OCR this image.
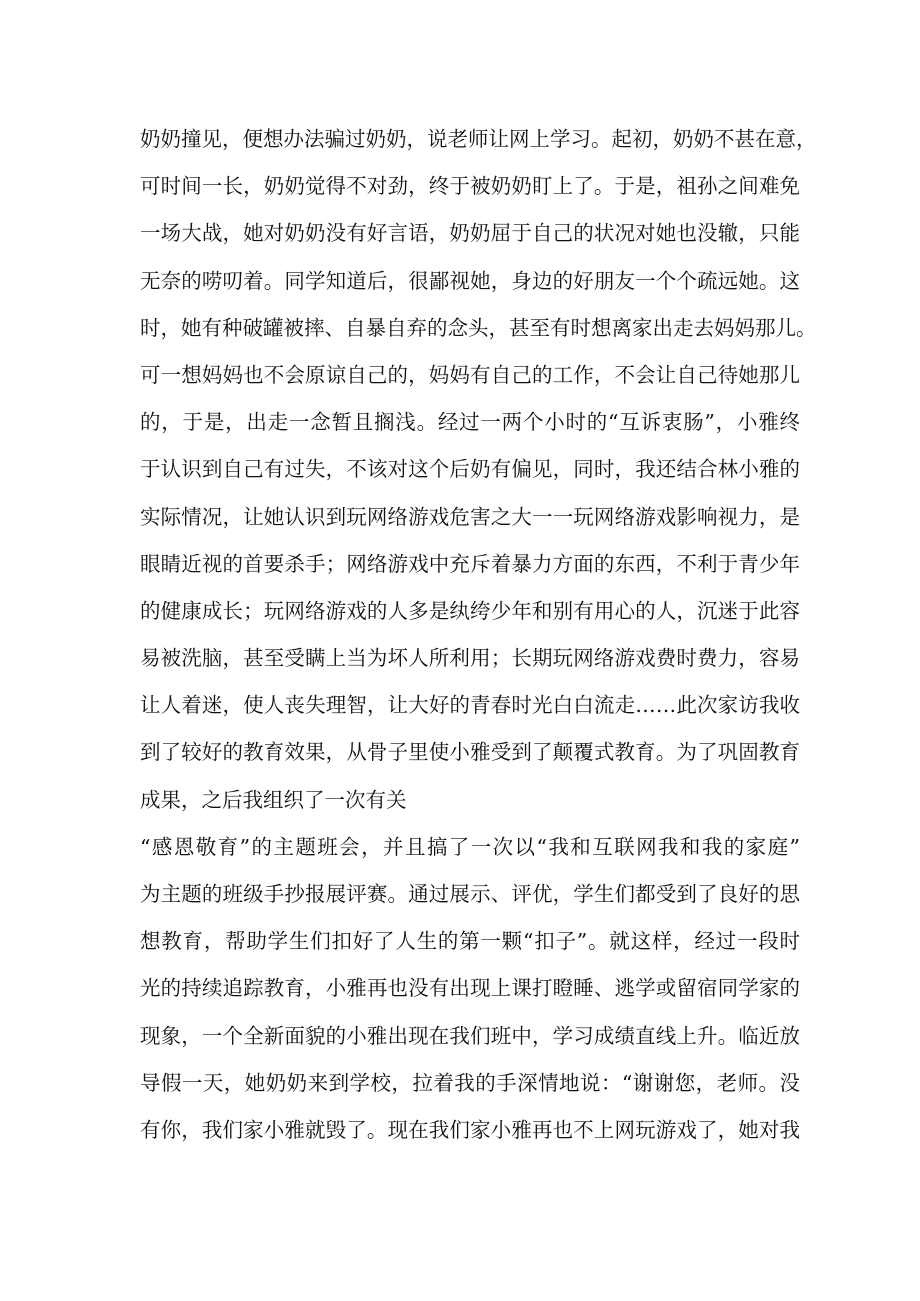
奶奶撞见，便想办法骗过奶奶，说老师让网上学习。起初，奶奶不甚在意，
可时间一长，奶奶觉得不对劲，终于被奶奶盯上了。于是，祖孙之间难免
一场大战，她对奶奶没有好言语，奶奶屈于自己的状况对她也没辙，只能
无奈的唠叨着。同学知道后，很鄙视她，身边的好朋友一个个疏远她。这
时，她有种破罐被摔、自暴自弃的念头，甚至有时想离家出走去妈妈那儿。
可一想妈妈也不会原谅自己的，妈妈有自己的工作，不会让自己待她那儿
的，于是，出走一念暂且搁浅。经过一两个小时的“互诉衷肠”，小雅终
于认识到自己有过失，不该对这个后奶有偏见，同时，我还结合林小雅的
实际情况，让她认识到玩网络游戏危害之大一一玩网络游戏影响视力，是
眼睛近视的首要杀手；网络游戏中充斥着暴力方面的东西，不利于青少年
的健康成长；玩网络游戏的人多是纨绔少年和别有用心的人，沉迷于此容
易被洗脑，甚至受瞒上当为坏人所利用；长期玩网络游戏费时费力，容易
让人着迷，使人丧失理智，让大好的青春时光白白流走……此次家访我收
到了较好的教育效果，从骨子里使小雅受到了颠覆式教育。为了巩固教育
成果，之后我组织了一次有关
“感恩敬育”的主题班会，并且搞了一次以“我和互联网我和我的家庭”
为主题的班级手抄报展评赛。通过展示、评优，学生们都受到了良好的思
想教育，帮助学生们扣好了人生的第一颗“扣子”。就这样，经过一段时
光的持续追踪教育，小雅再也没有出现上课打瞪睡、逃学或留宿同学家的
现象，一个全新面貌的小雅出现在我们班中，学习成绩直线上升。临近放
导假一天，她奶奶来到学校，拉着我的手深情地说：“谢谢您，老师。没
有你，我们家小雅就毁了。现在我们家小雅再也不上网玩游戏了，她对我
